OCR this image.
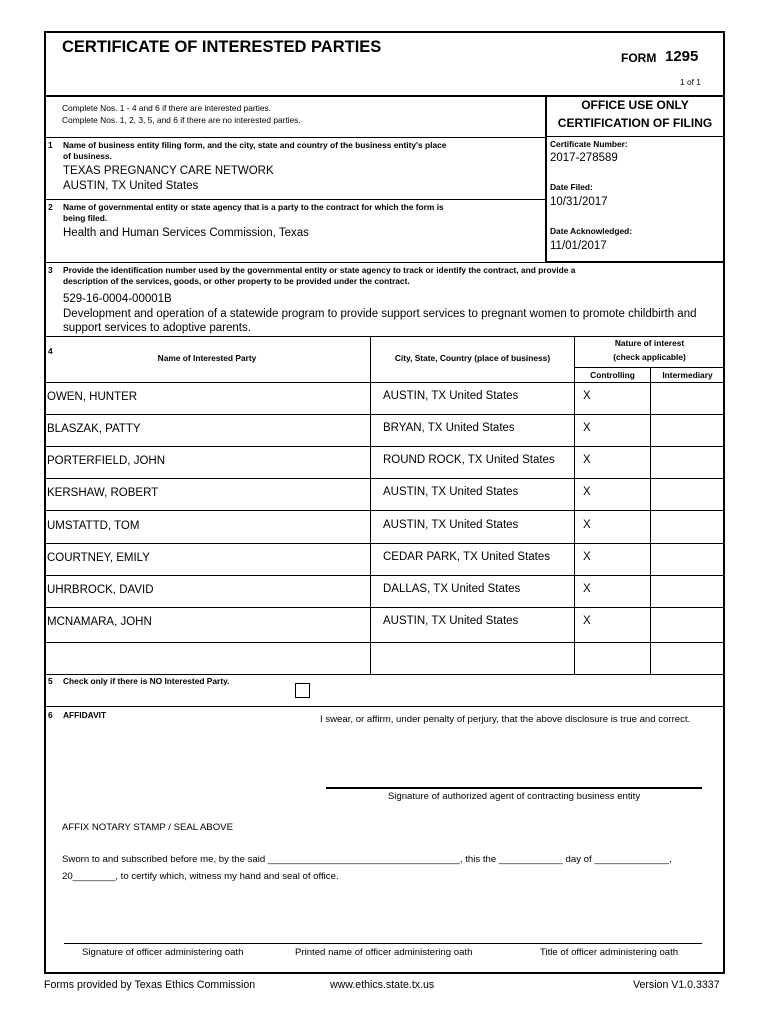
CERTIFICATE OF INTERESTED PARTIES
FORM 1295
1 of 1
Complete Nos. 1 - 4 and 6 if there are interested parties.
Complete Nos. 1, 2, 3, 5, and 6 if there are no interested parties.
OFFICE USE ONLY
CERTIFICATION OF FILING
Certificate Number:
2017-278589
Date Filed:
10/31/2017
Date Acknowledged:
11/01/2017
1 Name of business entity filing form, and the city, state and country of the business entity's place
of business.
TEXAS PREGNANCY CARE NETWORK
AUSTIN, TX United States
2 Name of governmental entity or state agency that is a party to the contract for which the form is
being filed.
Health and Human Services Commission, Texas
3 Provide the identification number used by the governmental entity or state agency to track or identify the contract, and provide a
description of the services, goods, or other property to be provided under the contract.
529-16-0004-00001B
Development and operation of a statewide program to provide support services to pregnant women to promote childbirth and
support services to adoptive parents.
4
Name of Interested Party	City, State, Country (place of business)
Nature of interest
(check applicable)
Controlling	Intermediary
OWEN, HUNTER	AUSTIN, TX United States	X
BLASZAK, PATTY	BRYAN, TX United States	X
PORTERFIELD, JOHN	ROUND ROCK, TX United States X
KERSHAW, ROBERT	AUSTIN, TX United States	X
UMSTATTD, TOM	AUSTIN, TX United States	X
COURTNEY, EMILY	CEDAR PARK, TX United States	X
UHRBROCK, DAVID	DALLAS, TX United States	X
MCNAMARA, JOHN	AUSTIN, TX United States	X
5 Check only if there is NO Interested Party.
6 AFFIDAVIT	I swear, or affirm, under penalty of perjury, that the above disclosure is true and correct.
Signature of authorized agent of contracting business entity
AFFIX NOTARY STAMP / SEAL ABOVE
Sworn to and subscribed before me, by the said ____________________________________, this the ____________ day of ______________,
20________, to certify which, witness my hand and seal of office.
Signature of officer administering oath	Printed name of officer administering oath	Title of officer administering oath
Forms provided by Texas Ethics Commission	www.ethics.state.tx.us	Version V1.0.3337
